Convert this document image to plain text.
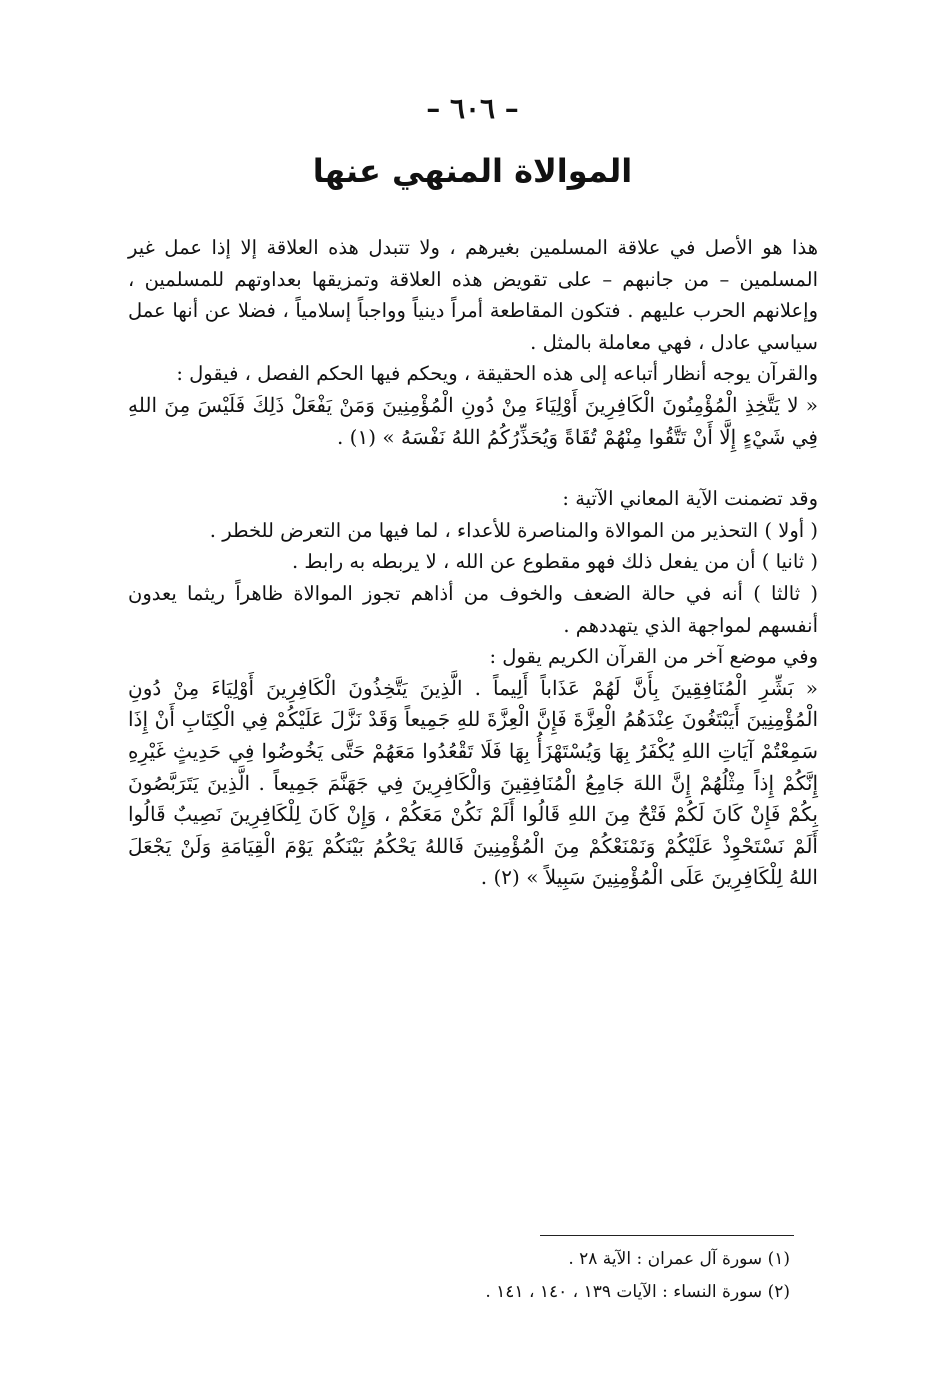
– ٦٠٦ –
الموالاة المنهي عنها

هذا هو الأصل في علاقة المسلمين بغيرهم ، ولا تتبدل هذه العلاقة إلا إذا عمل غير المسلمين – من جانبهم – على تقويض هذه العلاقة وتمزيقها بعداوتهم للمسلمين ، وإعلانهم الحرب عليهم . فتكون المقاطعة أمراً دينياً وواجباً إسلامياً ، فضلا عن أنها عمل سياسي عادل ، فهي معاملة بالمثل .

والقرآن يوجه أنظار أتباعه إلى هذه الحقيقة ، ويحكم فيها الحكم الفصل ، فيقول :

« لا يَتَّخِذِ الْمُؤْمِنُونَ الْكَافِرِينَ أَوْلِيَاءَ مِنْ دُونِ الْمُؤْمِنِينَ وَمَنْ يَفْعَلْ ذَلِكَ فَلَيْسَ مِنَ اللهِ فِي شَيْءٍ إِلَّا أَنْ تَتَّقُوا مِنْهُمْ تُقَاةً وَيُحَذِّرُكُمُ اللهُ نَفْسَهُ » (١) .

وقد تضمنت الآية المعاني الآتية :

( أولا ) التحذير من الموالاة والمناصرة للأعداء ، لما فيها من التعرض للخطر .

( ثانيا ) أن من يفعل ذلك فهو مقطوع عن الله ، لا يربطه به رابط .

( ثالثا ) أنه في حالة الضعف والخوف من أذاهم تجوز الموالاة ظاهراً ريثما يعدون أنفسهم لمواجهة الذي يتهددهم .

وفي موضع آخر من القرآن الكريم يقول :

« بَشِّرِ الْمُنَافِقِينَ بِأَنَّ لَهُمْ عَذَاباً أَلِيماً . الَّذِينَ يَتَّخِذُونَ الْكَافِرِينَ أَوْلِيَاءَ مِنْ دُونِ الْمُؤْمِنِينَ أَيَبْتَغُونَ عِنْدَهُمُ الْعِزَّةَ فَإِنَّ الْعِزَّةَ للهِ جَمِيعاً وَقَدْ نَزَّلَ عَلَيْكُمْ فِي الْكِتَابِ أَنْ إِذَا سَمِعْتُمْ آيَاتِ اللهِ يُكْفَرُ بِهَا وَيُسْتَهْزَأُ بِهَا فَلَا تَقْعُدُوا مَعَهُمْ حَتَّى يَخُوضُوا فِي حَدِيثٍ غَيْرِهِ إِنَّكُمْ إِذاً مِثْلُهُمْ إِنَّ اللهَ جَامِعُ الْمُنَافِقِينَ وَالْكَافِرِينَ فِي جَهَنَّمَ جَمِيعاً . الَّذِينَ يَتَرَبَّصُونَ بِكُمْ فَإِنْ كَانَ لَكُمْ فَتْحٌ مِنَ اللهِ قَالُوا أَلَمْ نَكُنْ مَعَكُمْ ، وَإِنْ كَانَ لِلْكَافِرِينَ نَصِيبٌ قَالُوا أَلَمْ نَسْتَحْوِذْ عَلَيْكُمْ وَنَمْنَعْكُمْ مِنَ الْمُؤْمِنِينَ فَاللهُ يَحْكُمُ بَيْنَكُمْ يَوْمَ الْقِيَامَةِ وَلَنْ يَجْعَلَ اللهُ لِلْكَافِرِينَ عَلَى الْمُؤْمِنِينَ سَبِيلاً » (٢) .

(١) سورة آل عمران : الآية ٢٨ .
(٢) سورة النساء : الآيات ١٣٩ ، ١٤٠ ، ١٤١ .
